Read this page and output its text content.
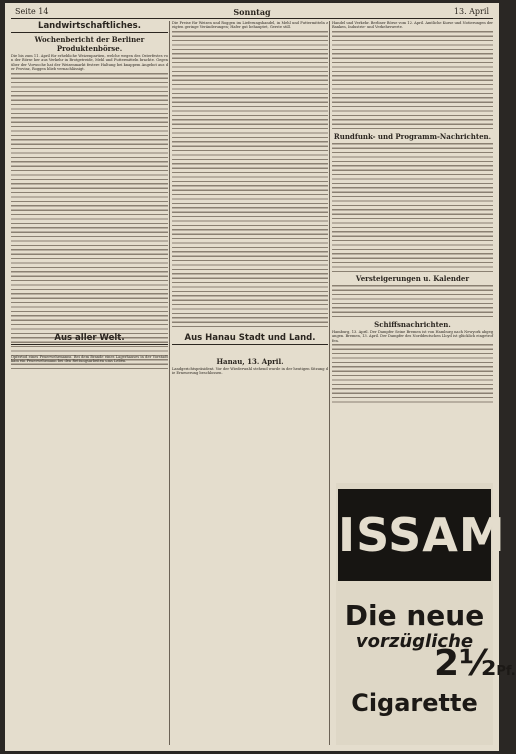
Seite 14	Sonntag	13. April
Landwirtschaftliches.
Wochenbericht der Berliner Produktenbörse.

Die bis zum 11. April für erhebliche Weizenpartien, welche wegen des Osterfestes von der Börse her aus Verkehr in Brotgetreide, Mehl und Futtermitteln brachte. Gegenüber der Vorwoche hat der Weizenmarkt festere Haltung bei knappem Angebot aus der Provinz, Roggen blieb vernachlässigt.

Die Preise für Weizen und Roggen im Lieferungshandel, in Mehl und Futtermitteln zeigten geringe Veränderungen; Hafer gut behauptet, Gerste still.

Handel und Verkehr. Berliner Börse vom 12. April. Amtliche Kurse und Notierungen der Banken, Industrie- und Verkehrswerte.

Rundfunk- und Programm-Nachrichten.
Versteigerungen u. Kalender
Schiffsnachrichten.

Hamburg, 13. April. Der Dampfer Seine Bremen ist von Hamburg nach Newyork abgegangen. Bremen, 13. April. Der Dampfer des Norddeutschen Lloyd ist glücklich eingetroffen.

Aus aller Welt.	Aus Hanau Stadt und Land.

Opfertod eines Feuerwehrmanns. Bei dem Brande eines Lagerhauses in der Vorstadt kam ein Feuerwehrmann bei den Rettungsarbeiten ums Leben.	Hanau, 13. April.

Landgerichtspräsident. Vor der Wiederwahl stehend wurde in der heutigen Sitzung die Erneuerung beschlossen.

ISSAM
Die neue
vorzügliche
2½Pf.
Cigarette
